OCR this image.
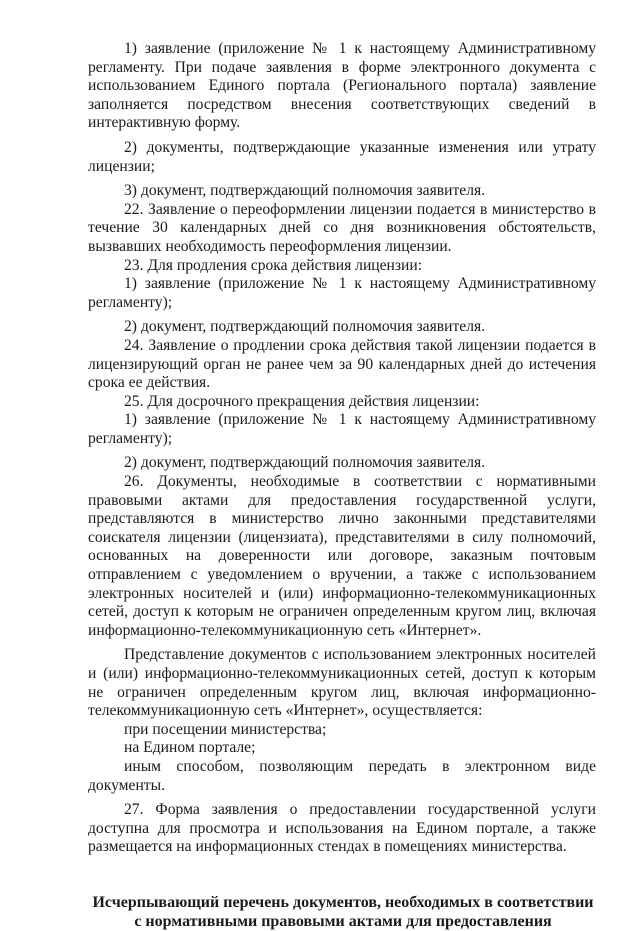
1) заявление (приложение № 1 к настоящему Административному регламенту. При подаче заявления в форме электронного документа с использованием Единого портала (Регионального портала) заявление заполняется посредством внесения соответствующих сведений в интерактивную форму.

2) документы, подтверждающие указанные изменения или утрату лицензии;

3) документ, подтверждающий полномочия заявителя.

22. Заявление о переоформлении лицензии подается в министерство в течение 30 календарных дней со дня возникновения обстоятельств, вызвавших необходимость переоформления лицензии.

23. Для продления срока действия лицензии:

1) заявление (приложение № 1 к настоящему Административному регламенту);

2) документ, подтверждающий полномочия заявителя.

24. Заявление о продлении срока действия такой лицензии подается в лицензирующий орган не ранее чем за 90 календарных дней до истечения срока ее действия.

25. Для досрочного прекращения действия лицензии:

1) заявление (приложение № 1 к настоящему Административному регламенту);

2) документ, подтверждающий полномочия заявителя.

26. Документы, необходимые в соответствии с нормативными правовыми актами для предоставления государственной услуги, представляются в министерство лично законными представителями соискателя лицензии (лицензиата), представителями в силу полномочий, основанных на доверенности или договоре, заказным почтовым отправлением с уведомлением о вручении, а также с использованием электронных носителей и (или) информационно-телекоммуникационных сетей, доступ к которым не ограничен определенным кругом лиц, включая информационно-телекоммуникационную сеть «Интернет».

Представление документов с использованием электронных носителей и (или) информационно-телекоммуникационных сетей, доступ к которым не ограничен определенным кругом лиц, включая информационно-телекоммуникационную сеть «Интернет», осуществляется:

при посещении министерства;

на Едином портале;

иным способом, позволяющим передать в электронном виде документы.

27. Форма заявления о предоставлении государственной услуги доступна для просмотра и использования на Едином портале, а также размещается на информационных стендах в помещениях министерства.

Исчерпывающий перечень документов, необходимых в соответствии с нормативными правовыми актами для предоставления
